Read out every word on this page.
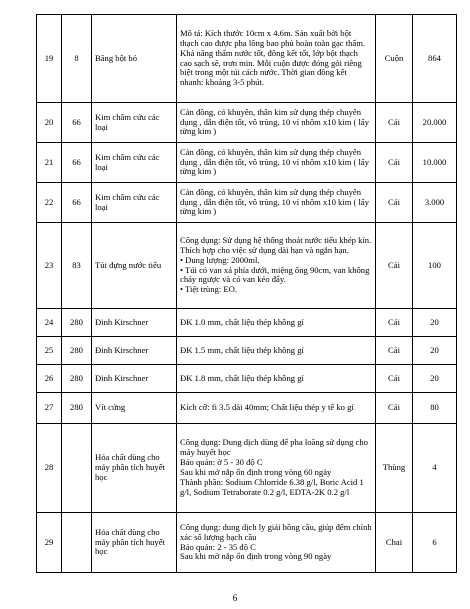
19	8	Băng bột bó	Mô tả: Kích thước 10cm x 4.6m. Sản xuất bởi bột thạch cao được pha lông bao phủ hoàn toàn gạc thấm. Khả năng thấm nước tốt, đông kết tốt, lớp bột thạch cao sạch sẽ, trơn min. Mỗi cuộn được đóng gói riêng biệt trong một túi cách nước. Thời gian đông kết nhanh: khoảng 3-5 phút.	Cuộn	864
20	66	Kim châm cứu các loại	Cán đồng, có khuyên, thân kim sử dụng thép chuyên dụng , dẫn điện tốt, vô trùng, 10 vỉ nhôm x10 kim ( lấy từng kim )	Cái	20.000
21	66	Kim châm cứu các loại	Cán đồng, có khuyên, thân kim sử dụng thép chuyên dụng , dẫn điện tốt, vô trùng, 10 vỉ nhôm x10 kim ( lấy từng kim )	Cái	10.000
22	66	Kim châm cứu các loại	Cán đồng, có khuyên, thân kim sử dụng thép chuyên dụng , dẫn điện tốt, vô trùng, 10 vỉ nhôm x10 kim ( lấy từng kim )	Cái	3.000
23	83	Túi đựng nước tiểu	Công dụng: Sử dụng hệ thống thoát nước tiểu khép kín. Thích hợp cho việc sử dụng dài hạn và ngắn hạn.
• Dung lượng: 2000ml.
• Túi có van xả phía dưới, miệng ống 90cm, van không chảy ngược và có van kéo đẩy.
• Tiệt trùng: EO.	Cái	100
24	280	Đinh Kirschner	ĐK 1.0 mm, chất liệu thép không gỉ	Cái	20
25	280	Đinh Kirschner	ĐK 1.5 mm, chất liệu thép không gỉ	Cái	20
26	280	Đinh Kirschner	ĐK 1.8 mm, chất liệu thép không gỉ	Cái	20
27	280	Vít cứng	Kích cỡ: fi 3.5 dài 40mm; Chất liệu thép y tế ko gỉ	Cái	80
28		Hóa chất dùng cho máy phân tích huyết học	Công dụng: Dung dịch dùng để pha loãng sử dụng cho máy huyết học
Bảo quản: ở 5 - 30 độ C
Sau khi mở nắp ổn định trong vòng 60 ngày
Thành phần: Sodium Chlorride 6.38 g/l, Boric Acid 1 g/l, Sodium Tetraborate 0.2 g/l, EDTA-2K 0.2 g/l	Thùng	4
29		Hóa chất dùng cho máy phân tích huyết học	Công dụng: dung dịch ly giải hồng cầu, giúp đếm chính xác số lượng bạch cầu
Bảo quản: 2 - 35 độ C
Sau khi mở nắp ổn định trong vòng 90 ngày	Chai	6
6
